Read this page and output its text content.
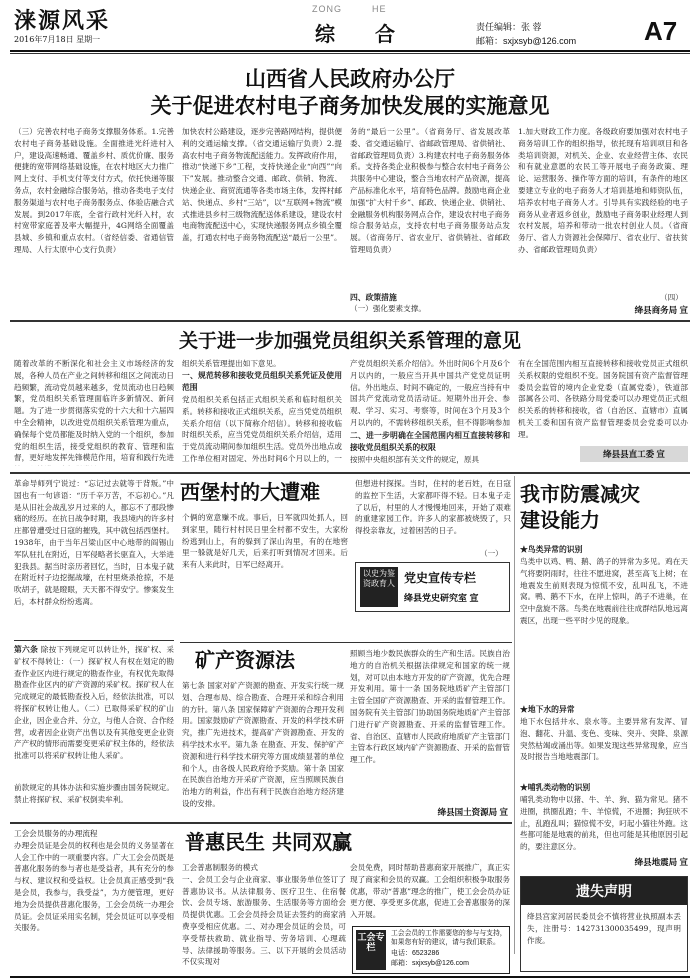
涞源风采
2016年7月18日 星期一
ZONG	HE
综合	责任编辑：张 蓉
邮箱：sxjxsyb@126.com	A7
山西省人民政府办公厅
关于促进农村电子商务加快发展的实施意见
（三）完善农村电子商务支撑服务体系。1.完善农村电子商务基础设施。全面推进光纤进村入户，建设高速畅通、覆盖乡村、质优价廉、服务便捷的宽带网络基础设施，在农村地区大力推广网上支付、手机支付等支付方式，依托快递等服务点，农村金融综合服务站，推动各类电子支付服务渠道与农村电子商务服务点、体验店融合式发展。到2017年底，全省行政村光纤入村，农村宽带家庭普及率大幅提升，4G网络全面覆盖县城、乡镇和重点农村。（省经信委、省通信管理局、人行太原中心支行负责）
加快农村公路建设，逐步完善路网结构，提供便利的交通运输支撑。（省交通运输厅负责）2.提高农村电子商务物流配送能力。发挥政府作用，推动“快递下乡”工程，支持快递企业“向西”“向下”发展。推动整合交通、邮政、供销、物流、快递企业、商贸流通等各类市场主体，发挥村邮站、快递点、乡村“三站”，以“互联网+物流”模式推进县乡村三级物流配送体系建设，建设农村电商物流配送中心，实现快递服务网点乡镇全覆盖，打通农村电子商务物流配送“最后一公里”。
务的“最后一公里”。（省商务厅、省发展改革委、省交通运输厅、省邮政管理局、省供销社、省邮政管理局负责）3.构建农村电子商务服务体系。支持各类企业积极参与整合农村电子商务公共服务中心建设，整合当地农村产品资源，提高产品标准化水平，培育特色品牌。鼓励电商企业加强“扩大村千乡”、邮政、快递企业、供销社、金融服务机构服务网点合作，建设农村电子商务综合服务站点，支持农村电子商务服务站点发展。（省商务厅、省农业厅、省供销社、省邮政管理局负责）
四、政策措施
（一）强化要素支撑。
1.加大财政工作力度。各级政府要加强对农村电子商务培训工作的组织指导，依托现有培训项目和各类培训资源，对机关、企业、农业经营主体、农民和有就业意愿的农民工等开展电子商务政策、理论、运营服务、操作等方面的培训，有条件的地区要建立专业的电子商务人才培训基地和师资队伍，培养农村电子商务人才。引导具有实践经验的电子商务从业者返乡创业，鼓励电子商务职业经理人到农村发展，培养和带动一批农村创业人员。（省商务厅、省人力资源社会保障厅、省农业厅、省扶贫办、省邮政管理局负责）
（四）
绛县商务局 宣
关于进一步加强党员组织关系管理的意见
随着改革的不断深化和社会主义市场经济的发展，各种人员在产业之间转移和组区之间流动日趋频繁，流动党员越来越多，党员流动也日趋频繁，党员组织关系管理面临许多新情况、新问题。为了进一步贯彻落实党的十六大和十六届四中全会精神，以改进党员组织关系管理为重点，确保每个党员都能及时纳入党的一个组织，参加党的组织生活，接受党组织的教育、管理和监督，更好地发挥先锋模范作用，培育和践行先进
组织关系管理提出如下意见。
一、规范转移和接收党员组织关系凭证及使用范围
党员组织关系包括正式组织关系和临时组织关系。转移和接收正式组织关系，应当凭党员组织关系介绍信（以下简称介绍信）。转移和接收临时组织关系，应当凭党员组织关系介绍信，适用于党员流动期间参加组织生活。党员外出地点或工作单位相对固定、外出时间6个月以上的，一
产党员组织关系介绍信》。外出时间6个月及6个月以内的，一般应当开具中国共产党党员证明信。外出地点、时间不确定的，一般应当持有中国共产党流动党员活动证。短期外出开会、参观、学习、实习、考察等，时间在3个月及3个月以内的，不需转移组织关系，但不得影响参加
二、进一步明确在全国范围内相互直接转移和接收党员组织关系的权限
按照中央组织部有关文件的规定，原具
有在全国范围内相互直接转移和接收党员正式组织关系权限的党组织不变。国务院国有资产监督管理委员会监管的境内企业党委（直属党委），铁道部部属各公司、各铁路分局党委可以办理党员正式组织关系的转移和接收，省（自治区、直辖市）直属机关工委和国有资产监督管理委员会党委可以办理。
绛县县直工委 宣
革命导师列宁说过：“忘记过去就等于背叛。”中国也有一句谚语：“历千辛万苦，不忘初心。”凡是从旧社会战乱岁月过来的人，都忘不了那段惨痛的经历。在抗日战争时期，我县境内的许多村庄都曾遭受过日寇的摧残，其中就包括西堡村。1938年，由于当年吕梁山区中心地带的阎锡山军队驻扎在附近，日军侵略者长驱直入，大举进犯我县。据当时亲历者回忆，当时，日本鬼子就在附近村子边挖掘战壕，在村里烧杀抢掠，不是吹胡子，就是瞪眼，天天都不得安宁。惨案发生后，本村群众纷纷逃离。
第六条 除按下列规定可以转让外，探矿权、采矿权不得转让：（一）探矿权人有权在划定的勘查作业区内进行规定的勘查作业，有权优先取得勘查作业区内的矿产资源的采矿权。探矿权人在完成规定的最低勘查投入后，经依法批准，可以将探矿权转让他人。（二）已取得采矿权的矿山企业，因企业合并、分立，与他人合资、合作经营，或者因企业资产出售以及有其他变更企业资产产权的情形而需要变更采矿权主体的，经依法批准可以将采矿权转让他人采矿。
前款规定的具体办法和实施步骤由国务院规定。禁止将探矿权、采矿权倒卖牟利。
西堡村的大遭难
个俩的宽意赚不成。事后，日军就四处抓人，回到家里，随行村村民日里全村都不安生，大家纷纷逃到山上，有的躲到了深山沟里，有的在地窖里一躲就是好几天，后来打听到情况才回来。后来有人来此时，日军已经离开。
但想进村探探。当时，住村的老百姓，在日寇的监控下生活，大家都吓得不轻。日本鬼子走了以后，村里的人才慢慢地回来，开始了艰难的重建家园工作。许多人的家都被烧毁了，只得投亲靠友，过着困苦的日子。
（一）
以史为鉴 资政育人 党史宣传专栏
绛县党史研究室 宣
我市防震减灾
建设能力
★鸟类异常的识别
鸟类中以鸡、鸭、鹅、鸽子的异常为多见。鸡在天气将要阴雨时，往往不愿进窝，甚至高飞上树；在地震发生前则表现为惊慌不安，乱叫乱飞，不进窝。鸭、鹅不下水，在岸上惊叫，鸽子不进巢，在空中盘旋不落。鸟类在地震前往往成群结队地远离震区，出现一些平时少见的现象。
★地下水的异常
地下水包括井水、泉水等。主要异常有发浑、冒泡、翻花、升温、变色、变味、突升、突降、泉源突然枯竭或涌出等。如果发现这些异常现象，应当及时报告当地地震部门。
★哺乳类动物的识别
哺乳类动物中以猪、牛、羊、狗、猫为常见。猪不进圈，拱圈乱跑；牛、羊惊慌，不进圈；狗狂吠不止，乱跑乱叫；猫惊慌不安，叼起小猫往外跑。这些都可能是地震的前兆，但也可能是其他原因引起的，要注意区分。
绛县地震局 宣
矿产资源法
第七条 国家对矿产资源的勘查、开发实行统一规划、合理布局、综合勘查、合理开采和综合利用的方针。第八条 国家保障矿产资源的合理开发利用。国家鼓励矿产资源勘查、开发的科学技术研究，推广先进技术，提高矿产资源勘查、开发的科学技术水平。第九条 在勘查、开发、保护矿产资源和进行科学技术研究等方面成绩显著的单位和个人，由各级人民政府给予奖励。第十条 国家在民族自治地方开采矿产资源，应当照顾民族自治地方的利益，作出有利于民族自治地方经济建设的安排。
照顾当地少数民族群众的生产和生活。民族自治地方的自治机关根据法律规定和国家的统一规划，对可以由本地方开发的矿产资源，优先合理开发利用。第十一条 国务院地质矿产主管部门主管全国矿产资源勘查、开采的监督管理工作。国务院有关主管部门协助国务院地质矿产主管部门进行矿产资源勘查、开采的监督管理工作。省、自治区、直辖市人民政府地质矿产主管部门主管本行政区域内矿产资源勘查、开采的监督管理工作。
绛县国土资源局 宣
工会会员服务的办理流程
办理会员证是会员的权利也是会员的义务显著在人会工作中的一项重要内容。广大工会会员既是普惠化服务的参与者也是受益者，具有充分的参与权、建议权和受益权。让会员真正感受到“我是会员，我参与，我受益”，为方便管理，更好地为会员提供普惠化服务，工会会员统一办理会员证。会员证采用实名制，凭会员证可以享受相关服务。
普惠民生 共同双赢
工会普惠制服务的模式
一、会员工会与企业商家、事业服务单位签订了普惠协议书。从法律服务、医疗卫生、住宿餐饮、会员专场、旅游服务、生活服务等方面给会员提供优惠。工会会员持会员证去签约的商家消费享受相应优惠。二、对办理会员证的会员，可享受帮扶救助、就业指导、劳务培训、心理疏导、法律援助等服务。三、以下开展的会员活动不仅实现对
会员免费，同时帮助普惠商家开展推广，真正实现了商家和会员的双赢。工会组织积极争取服务优惠，带动“普惠”理念的推广，使工会会员办证更方便、享受更多优惠，促进工会普惠服务的深入开展。
工会专栏
工会会员的工作需要您的参与与支持，如果您有好的建议，请与我们联系。
电话：6523286
邮箱：sxjxsyb@126.com
遗失声明
绛县宫家河居民委员会不慎将营业执照副本丢失，注册号：142731300035499，现声明作废。
